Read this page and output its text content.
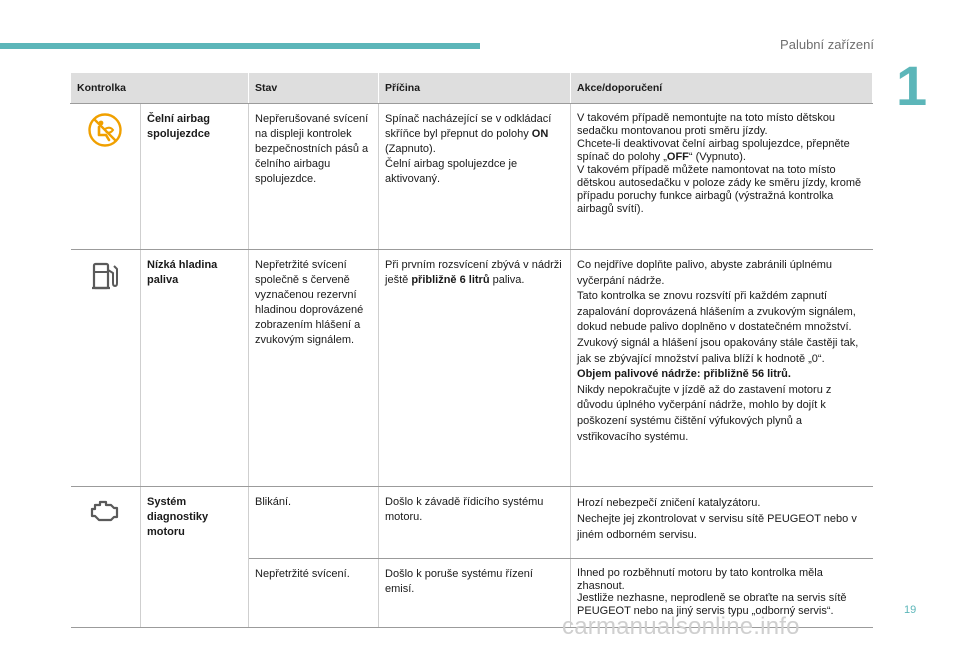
Palubní zařízení
1
Kontrolka		Stav	Příčina	Akce/doporučení
	Čelní airbag spolujezdce	Nepřerušované svícení na displeji kontrolek bezpečnostních pásů a čelního airbagu spolujezdce.	Spínač nacházející se v odkládací skříňce byl přepnut do polohy ON (Zapnuto).
Čelní airbag spolujezdce je aktivovaný.	V takovém případě nemontujte na toto místo dětskou sedačku montovanou proti směru jízdy.
Chcete-li deaktivovat čelní airbag spolujezdce, přepněte spínač do polohy „OFF“ (Vypnuto).
V takovém případě můžete namontovat na toto místo dětskou autosedačku v poloze zády ke směru jízdy, kromě případu poruchy funkce airbagů (výstražná kontrolka airbagů svítí).
	Nízká hladina paliva	Nepřetržité svícení společně s červeně vyznačenou rezervní hladinou doprovázené zobrazením hlášení a zvukovým signálem.	Při prvním rozsvícení zbývá v nádrži ještě přibližně 6 litrů paliva.	Co nejdříve doplňte palivo, abyste zabránili úplnému vyčerpání nádrže.
Tato kontrolka se znovu rozsvítí při každém zapnutí zapalování doprovázená hlášením a zvukovým signálem, dokud nebude palivo doplněno v dostatečném množství.
Zvukový signál a hlášení jsou opakovány stále častěji tak, jak se zbývající množství paliva blíží k hodnotě „0“.
Objem palivové nádrže: přibližně 56 litrů.
Nikdy nepokračujte v jízdě až do zastavení motoru z důvodu úplného vyčerpání nádrže, mohlo by dojít k poškození systému čištění výfukových plynů a vstřikovacího systému.
	Systém diagnostiky motoru	Blikání.	Došlo k závadě řídicího systému motoru.	Hrozí nebezpečí zničení katalyzátoru.
Nechejte jej zkontrolovat v servisu sítě PEUGEOT nebo v jiném odborném servisu.
		Nepřetržité svícení.	Došlo k poruše systému řízení emisí.	Ihned po rozběhnutí motoru by tato kontrolka měla zhasnout.
Jestliže nezhasne, neprodleně se obraťte na servis sítě PEUGEOT nebo na jiný servis typu „odborný servis“.	19
carmanualsonline.info
